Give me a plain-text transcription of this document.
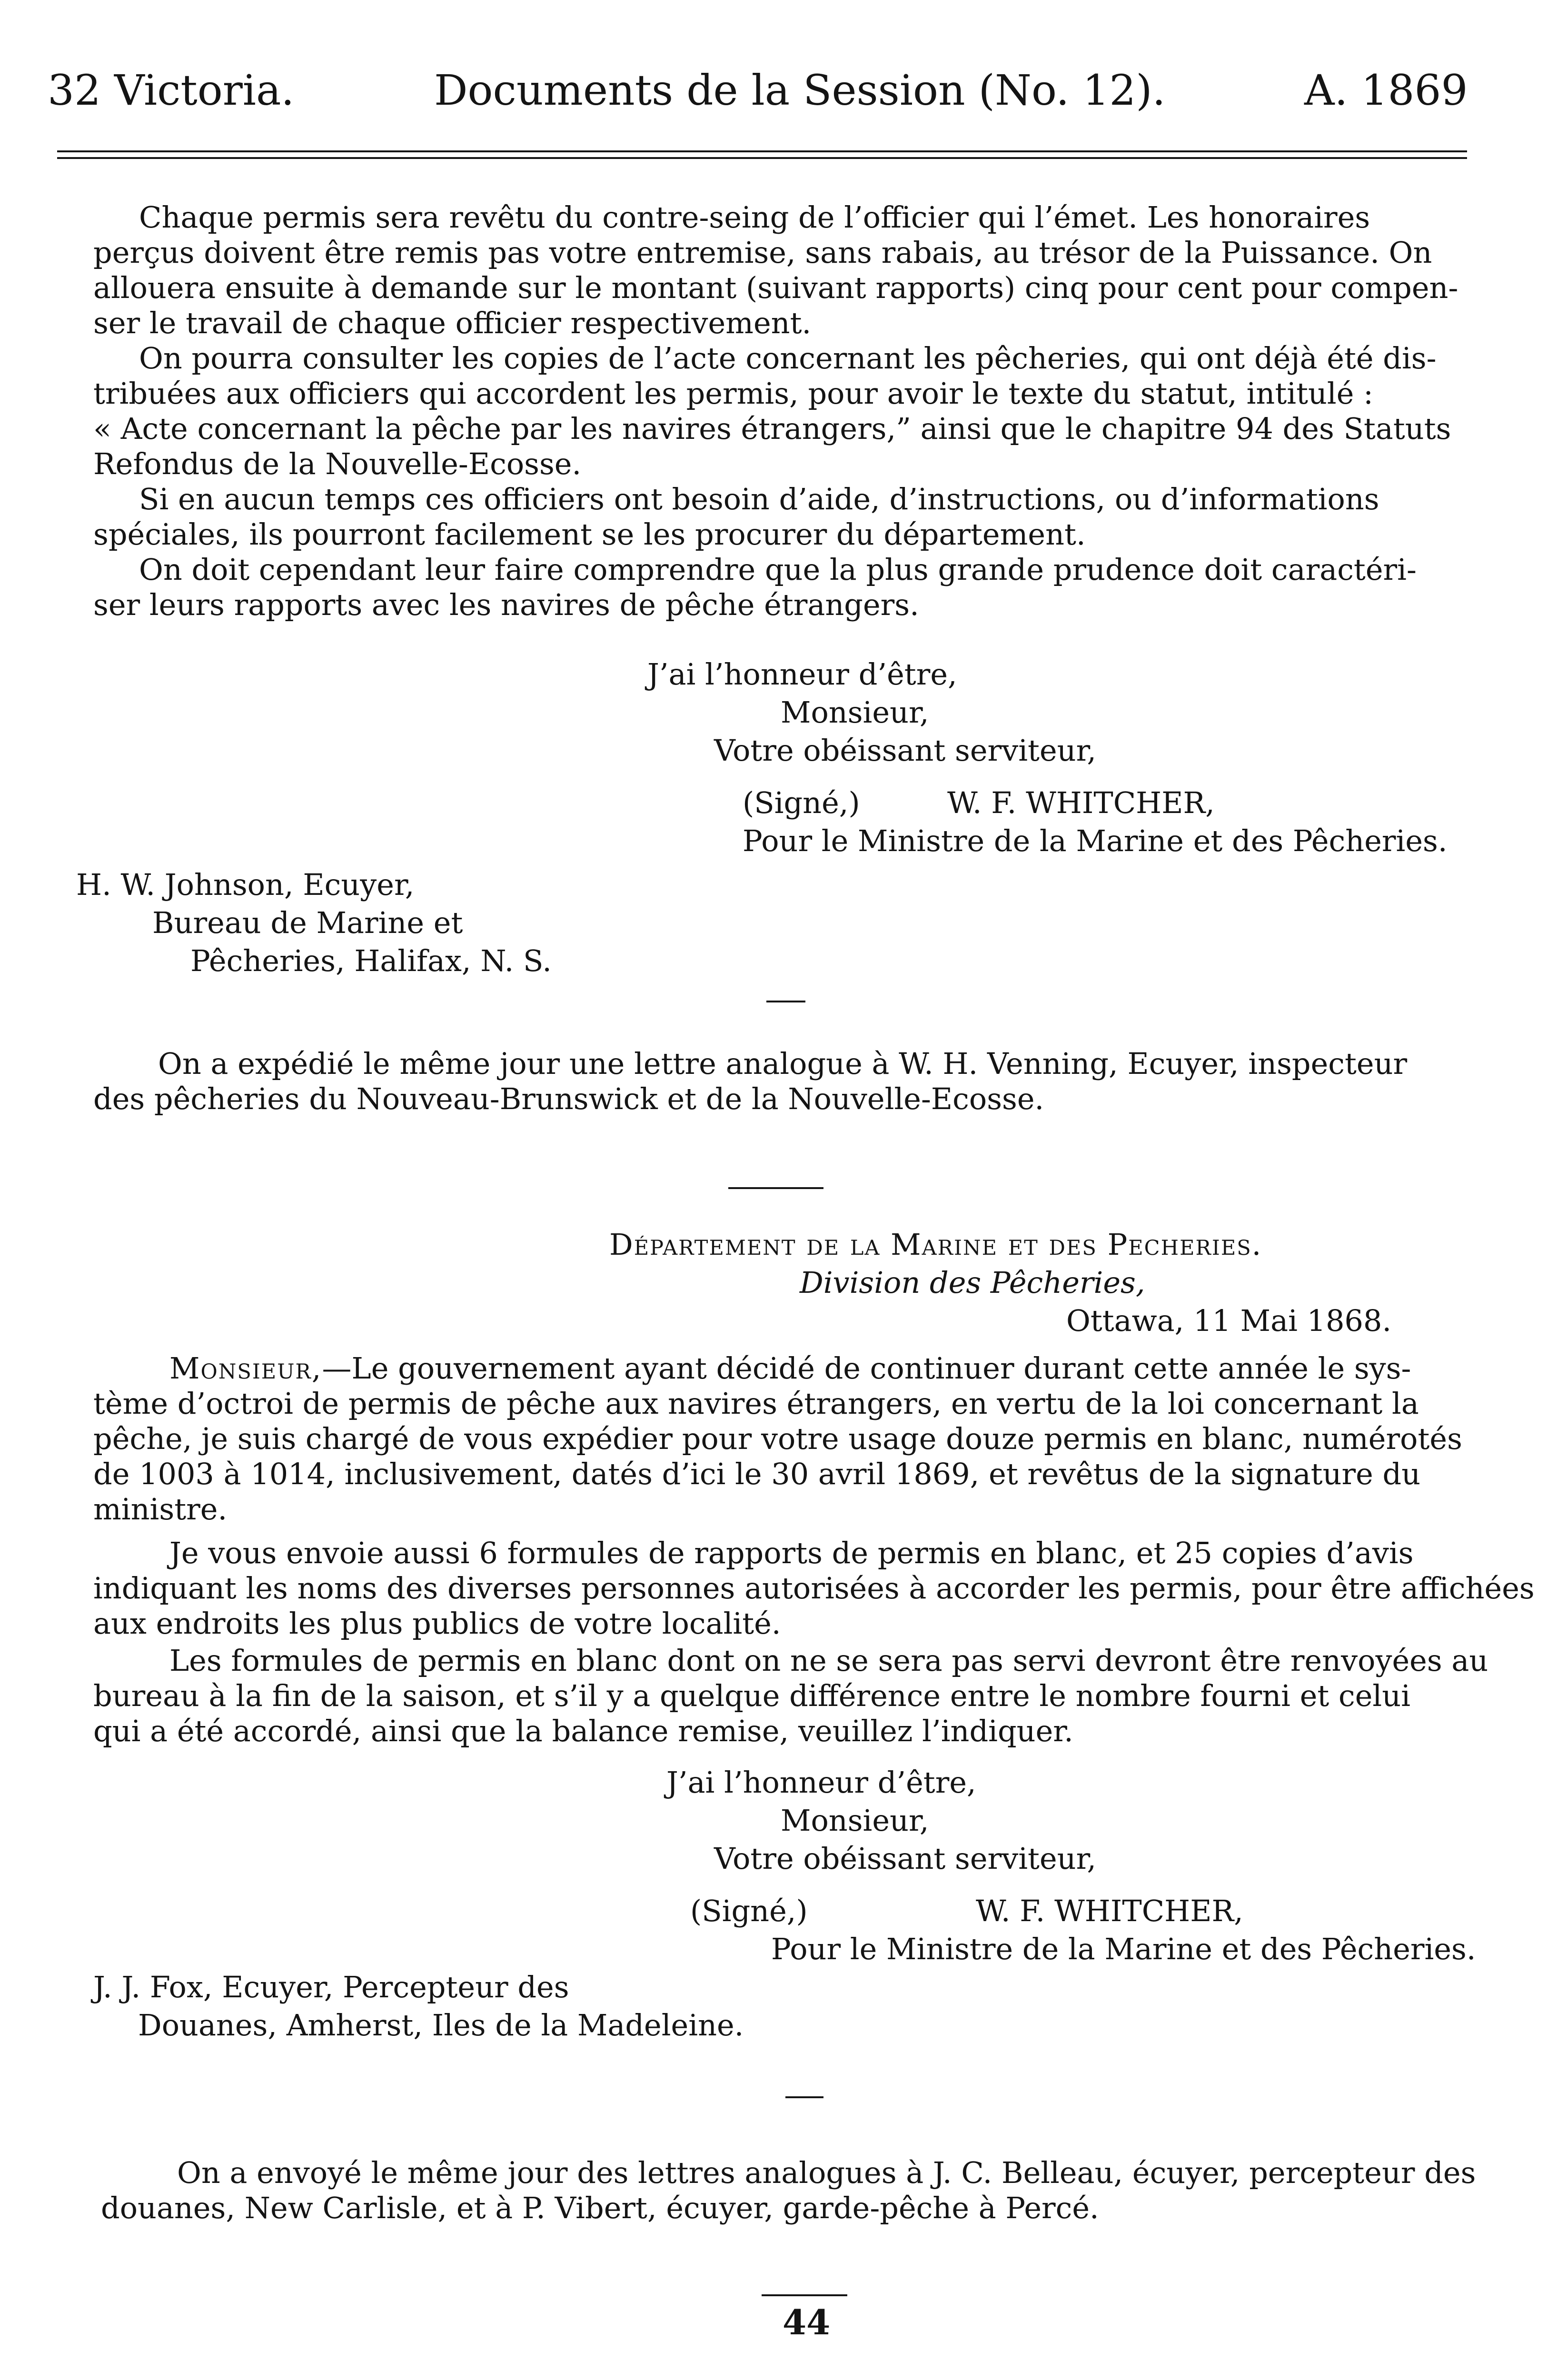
32 Victoria.	Documents de la Session (No. 12).	A. 1869
Chaque permis sera revêtu du contre-seing de l’officier qui l’émet. Les honoraires
perçus doivent être remis pas votre entremise, sans rabais, au trésor de la Puissance. On
allouera ensuite à demande sur le montant (suivant rapports) cinq pour cent pour compen-
ser le travail de chaque officier respectivement.
On pourra consulter les copies de l’acte concernant les pêcheries, qui ont déjà été dis-
tribuées aux officiers qui accordent les permis, pour avoir le texte du statut, intitulé :
« Acte concernant la pêche par les navires étrangers,” ainsi que le chapitre 94 des Statuts
Refondus de la Nouvelle-Ecosse.
Si en aucun temps ces officiers ont besoin d’aide, d’instructions, ou d’informations
spéciales, ils pourront facilement se les procurer du département.
On doit cependant leur faire comprendre que la plus grande prudence doit caractéri-
ser leurs rapports avec les navires de pêche étrangers.
J’ai l’honneur d’être,
Monsieur,
Votre obéissant serviteur,
(Signé,)	W. F. WHITCHER,
Pour le Ministre de la Marine et des Pêcheries.
H. W. Johnson, Ecuyer,
Bureau de Marine et
Pêcheries, Halifax, N. S.
On a expédié le même jour une lettre analogue à W. H. Venning, Ecuyer, inspecteur
des pêcheries du Nouveau-Brunswick et de la Nouvelle-Ecosse.
Département de la Marine et des Pecheries.
Division des Pêcheries,
Ottawa, 11 Mai 1868.
Monsieur,—Le gouvernement ayant décidé de continuer durant cette année le sys-
tème d’octroi de permis de pêche aux navires étrangers, en vertu de la loi concernant la
pêche, je suis chargé de vous expédier pour votre usage douze permis en blanc, numérotés
de 1003 à 1014, inclusivement, datés d’ici le 30 avril 1869, et revêtus de la signature du
ministre.
Je vous envoie aussi 6 formules de rapports de permis en blanc, et 25 copies d’avis
indiquant les noms des diverses personnes autorisées à accorder les permis, pour être affichées
aux endroits les plus publics de votre localité.
Les formules de permis en blanc dont on ne se sera pas servi devront être renvoyées au
bureau à la fin de la saison, et s’il y a quelque différence entre le nombre fourni et celui
qui a été accordé, ainsi que la balance remise, veuillez l’indiquer.
J’ai l’honneur d’être,
Monsieur,
Votre obéissant serviteur,
(Signé,)	W. F. WHITCHER,
Pour le Ministre de la Marine et des Pêcheries.
J. J. Fox, Ecuyer, Percepteur des
Douanes, Amherst, Iles de la Madeleine.
On a envoyé le même jour des lettres analogues à J. C. Belleau, écuyer, percepteur des
douanes, New Carlisle, et à P. Vibert, écuyer, garde-pêche à Percé.
44
